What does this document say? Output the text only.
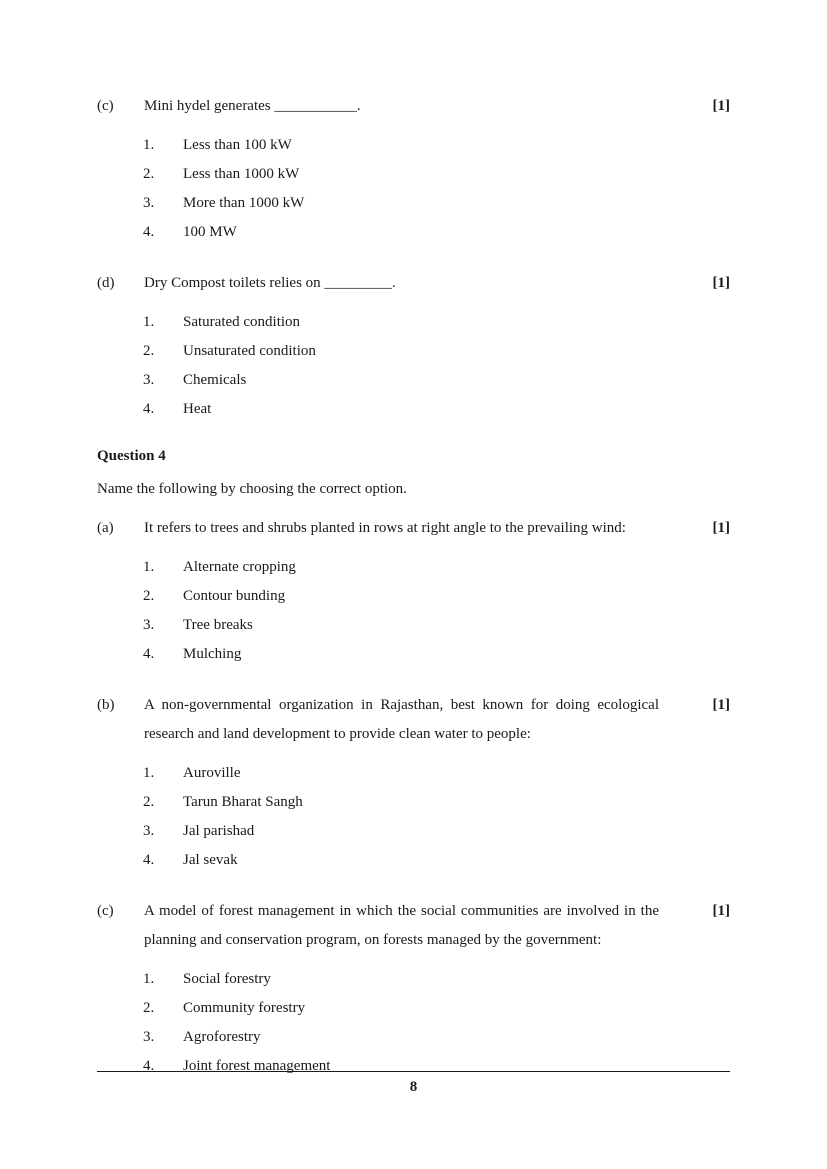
(c)	Mini hydel generates ___________.	[1]
1.	Less than 100 kW
2.	Less than 1000 kW
3.	More than 1000 kW
4.	100 MW
(d)	Dry Compost toilets relies on _________.	[1]
1.	Saturated condition
2.	Unsaturated condition
3.	Chemicals
4.	Heat
Question 4
Name the following by choosing the correct option.
(a)	It refers to trees and shrubs planted in rows at right angle to the prevailing wind:	[1]
1.	Alternate cropping
2.	Contour bunding
3.	Tree breaks
4.	Mulching
(b)	A non-governmental organization in Rajasthan, best known for doing ecological research and land development to provide clean water to people:
[1]
1.	Auroville
2.	Tarun Bharat Sangh
3.	Jal parishad
4.	Jal sevak
(c)	A model of forest management in which the social communities are involved in the planning and conservation program, on forests managed by the government:
[1]
1.	Social forestry
2.	Community forestry
3.	Agroforestry
4.	Joint forest management
8
